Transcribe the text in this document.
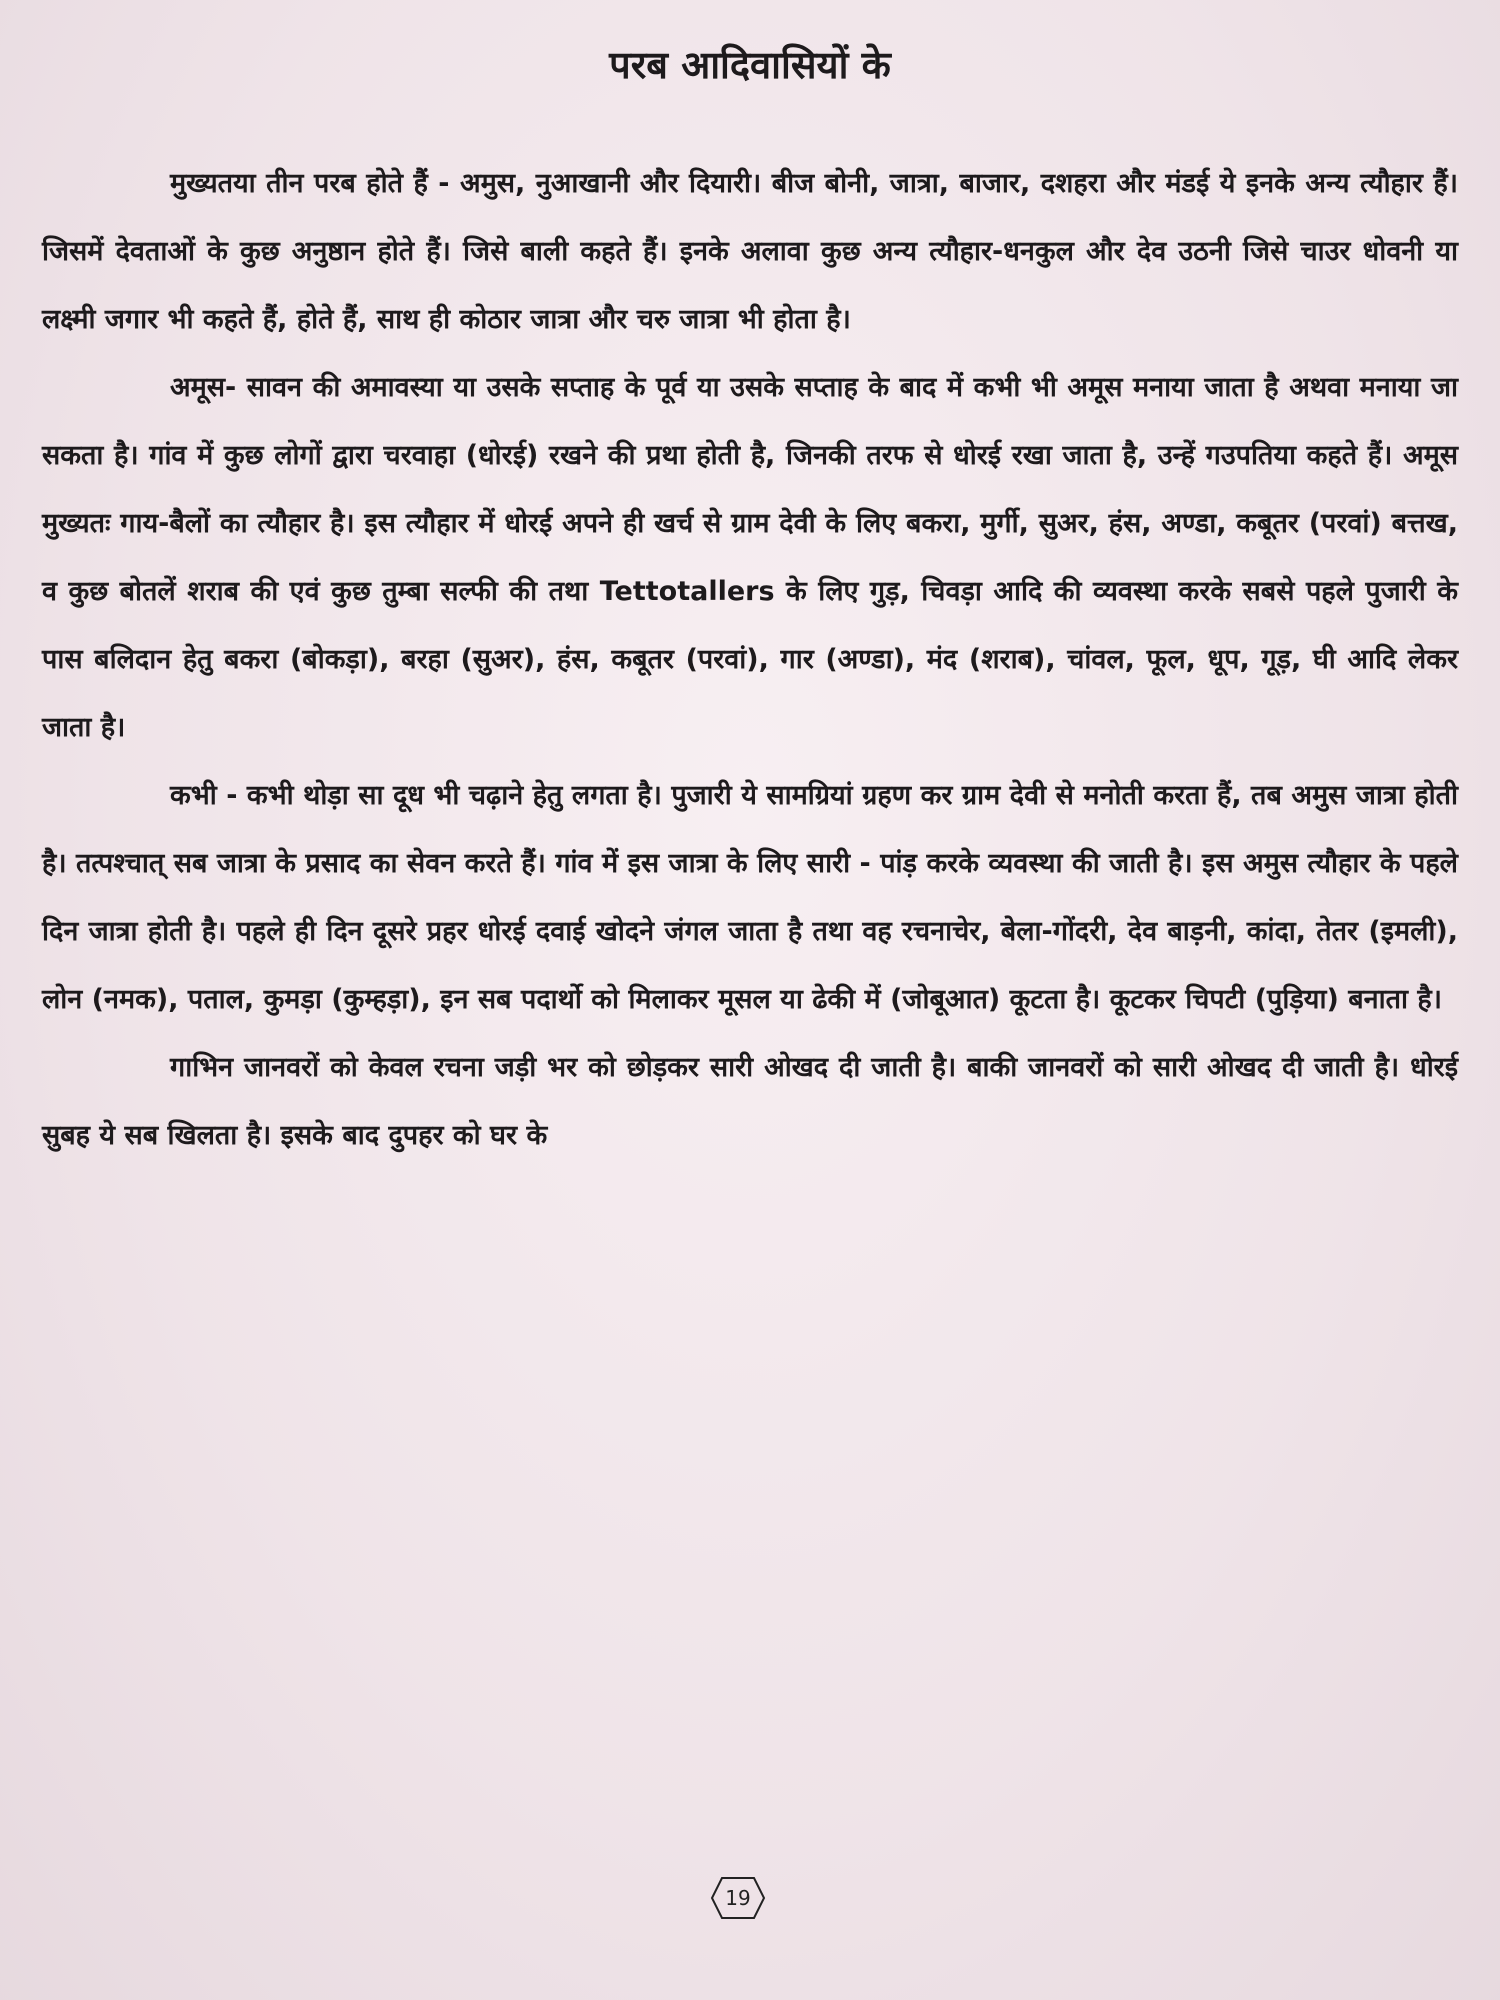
परब आदिवासियों के

मुख्यतया तीन परब होते हैं - अमुस, नुआखानी और दियारी। बीज बोनी, जात्रा, बाजार, दशहरा और मंडई ये इनके अन्य त्यौहार हैं। जिसमें देवताओं के कुछ अनुष्ठान होते हैं। जिसे बाली कहते हैं। इनके अलावा कुछ अन्य त्यौहार-धनकुल और देव उठनी जिसे चाउर धोवनी या लक्ष्मी जगार भी कहते हैं, होते हैं, साथ ही कोठार जात्रा और चरु जात्रा भी होता है।

अमूस- सावन की अमावस्या या उसके सप्ताह के पूर्व या उसके सप्ताह के बाद में कभी भी अमूस मनाया जाता है अथवा मनाया जा सकता है। गांव में कुछ लोगों द्वारा चरवाहा (धोरई) रखने की प्रथा होती है, जिनकी तरफ से धोरई रखा जाता है, उन्हें गउपतिया कहते हैं। अमूस मुख्यतः गाय-बैलों का त्यौहार है। इस त्यौहार में धोरई अपने ही खर्च से ग्राम देवी के लिए बकरा, मुर्गी, सुअर, हंस, अण्डा, कबूतर (परवां) बत्तख, व कुछ बोतलें शराब की एवं कुछ तुम्बा सल्फी की तथा Tettotallers के लिए गुड़, चिवड़ा आदि की व्यवस्था करके सबसे पहले पुजारी के पास बलिदान हेतु बकरा (बोकड़ा), बरहा (सुअर), हंस, कबूतर (परवां), गार (अण्डा), मंद (शराब), चांवल, फूल, धूप, गूड़, घी आदि लेकर जाता है।

कभी - कभी थोड़ा सा दूध भी चढ़ाने हेतु लगता है। पुजारी ये सामग्रियां ग्रहण कर ग्राम देवी से मनोती करता हैं, तब अमुस जात्रा होती है। तत्पश्चात् सब जात्रा के प्रसाद का सेवन करते हैं। गांव में इस जात्रा के लिए सारी - पांड़ करके व्यवस्था की जाती है। इस अमुस त्यौहार के पहले दिन जात्रा होती है। पहले ही दिन दूसरे प्रहर धोरई दवाई खोदने जंगल जाता है तथा वह रचनाचेर, बेला-गोंदरी, देव बाड़नी, कांदा, तेतर (इमली), लोन (नमक), पताल, कुमड़ा (कुम्हड़ा), इन सब पदार्थो को मिलाकर मूसल या ढेकी में (जोबूआत) कूटता है। कूटकर चिपटी (पुड़िया) बनाता है।

गाभिन जानवरों को केवल रचना जड़ी भर को छोड़कर सारी ओखद दी जाती है। बाकी जानवरों को सारी ओखद दी जाती है। धोरई सुबह ये सब खिलता है। इसके बाद दुपहर को घर के

19
